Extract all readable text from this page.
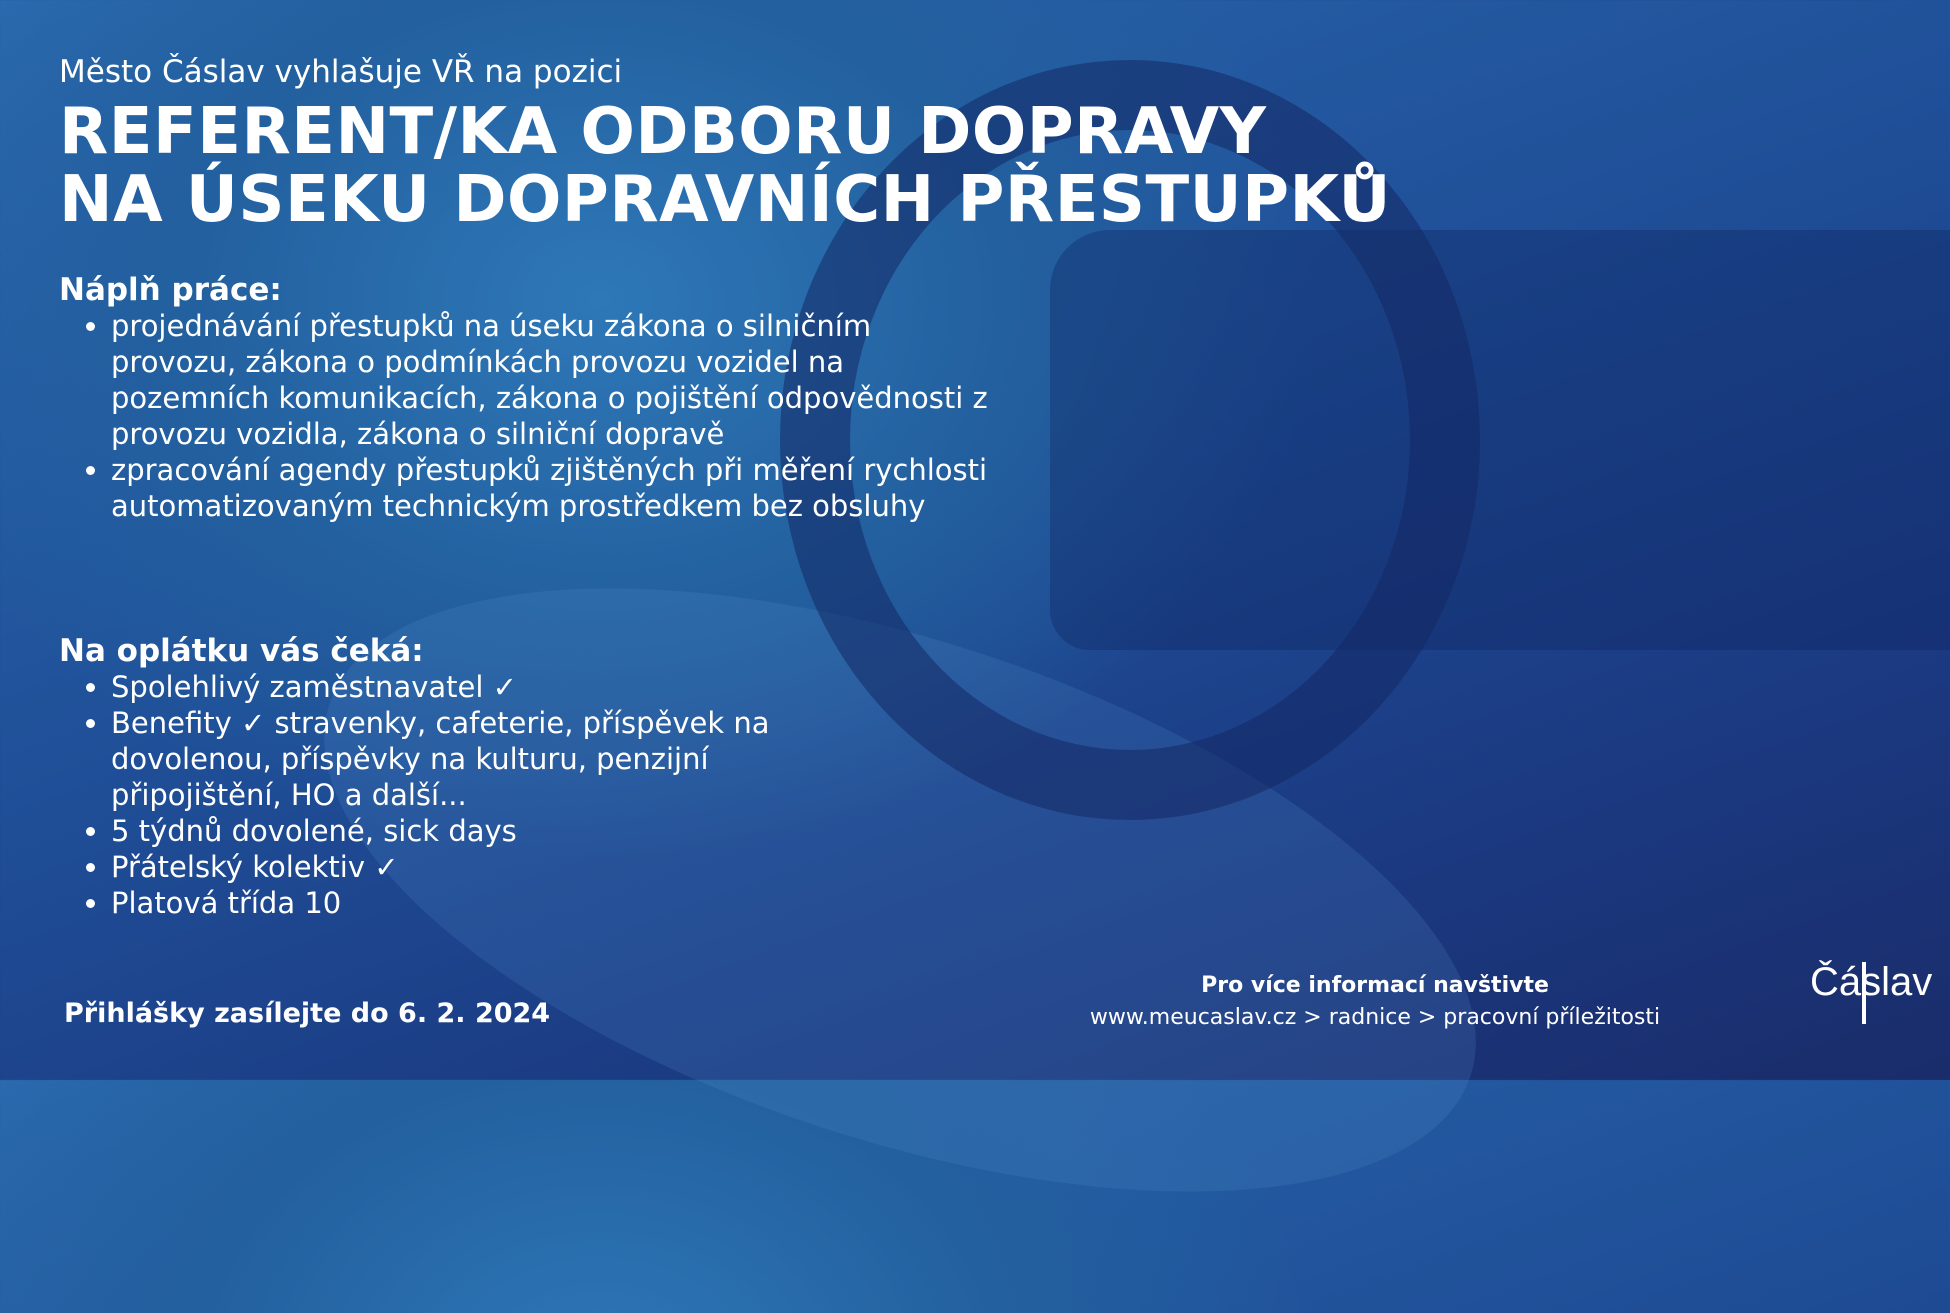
Město Čáslav vyhlašuje VŘ na pozici

REFERENT/KA ODBORU DOPRAVY
NA ÚSEKU DOPRAVNÍCH PŘESTUPKŮ
Náplň práce:
• projednávání přestupků na úseku zákona o silničním provozu, zákona o podmínkách provozu vozidel na pozemních komunikacích, zákona o pojištění odpovědnosti z provozu vozidla, zákona o silniční dopravě
• zpracování agendy přestupků zjištěných při měření rychlosti automatizovaným technickým prostředkem bez obsluhy
Na oplátku vás čeká:
• Spolehlivý zaměstnavatel ✓
• Benefity ✓ stravenky, cafeterie, příspěvek na dovolenou, příspěvky na kulturu, penzijní připojištění, HO a další...
• 5 týdnů dovolené, sick days
• Přátelský kolektiv ✓
• Platová třída 10
Přihlášky zasílejte do 6. 2. 2024
Pro více informací navštivte
www.meucaslav.cz > radnice > pracovní příležitosti
Čáslav
